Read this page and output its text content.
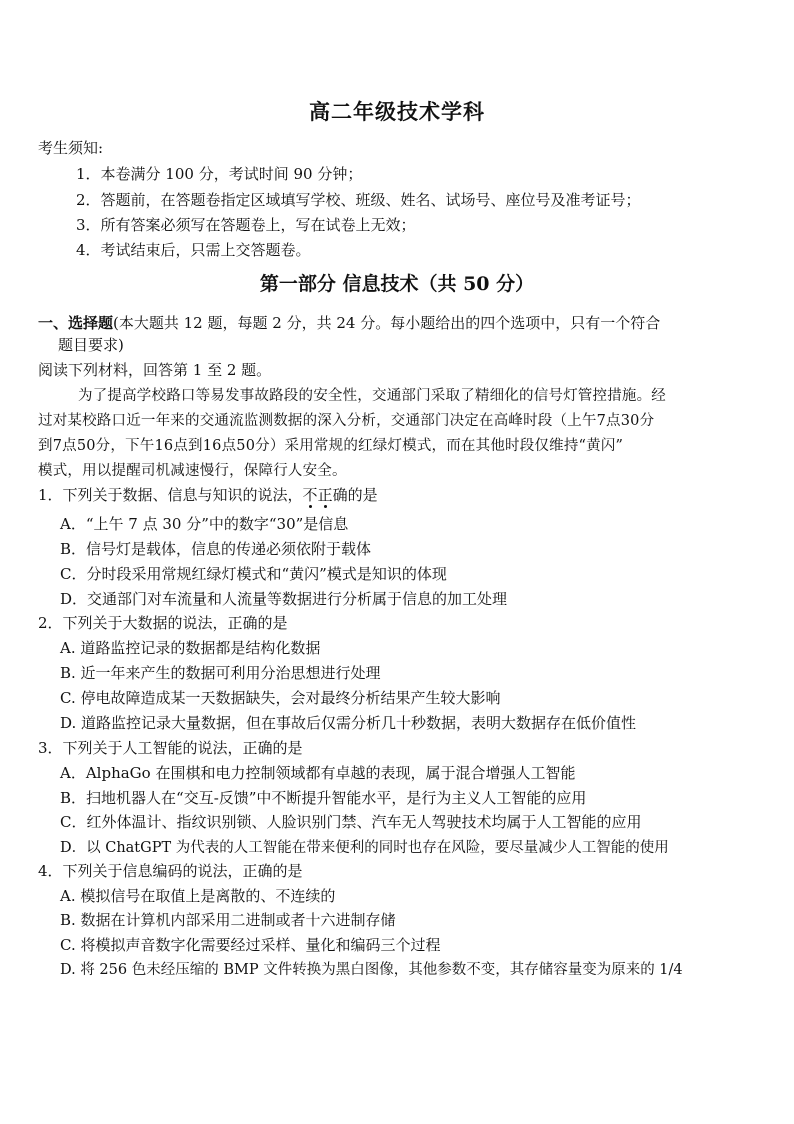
高二年级技术学科
考生须知:
1．本卷满分 100 分，考试时间 90 分钟；
2．答题前，在答题卷指定区域填写学校、班级、姓名、试场号、座位号及准考证号；
3．所有答案必须写在答题卷上，写在试卷上无效；
4．考试结束后，只需上交答题卷。
第一部分 信息技术（共 50 分）
一、选择题(本大题共 12 题，每题 2 分，共 24 分。每小题给出的四个选项中，只有一个符合
题目要求)
阅读下列材料，回答第 1 至 2 题。
为了提高学校路口等易发事故路段的安全性，交通部门采取了精细化的信号灯管控措施。经
过对某校路口近一年来的交通流监测数据的深入分析，交通部门决定在高峰时段（上午7点30分
到7点50分，下午16点到16点50分）采用常规的红绿灯模式，而在其他时段仅维持“黄闪”
模式，用以提醒司机减速慢行，保障行人安全。
1．下列关于数据、信息与知识的说法，不正确的是
A．“上午 7 点 30 分”中的数字“30”是信息
B．信号灯是载体，信息的传递必须依附于载体
C．分时段采用常规红绿灯模式和“黄闪”模式是知识的体现
D．交通部门对车流量和人流量等数据进行分析属于信息的加工处理
2．下列关于大数据的说法，正确的是
A. 道路监控记录的数据都是结构化数据
B. 近一年来产生的数据可利用分治思想进行处理
C. 停电故障造成某一天数据缺失，会对最终分析结果产生较大影响
D. 道路监控记录大量数据，但在事故后仅需分析几十秒数据，表明大数据存在低价值性
3．下列关于人工智能的说法，正确的是
A．AlphaGo 在围棋和电力控制领域都有卓越的表现，属于混合增强人工智能
B．扫地机器人在“交互-反馈”中不断提升智能水平，是行为主义人工智能的应用
C．红外体温计、指纹识别锁、人脸识别门禁、汽车无人驾驶技术均属于人工智能的应用
D．以 ChatGPT 为代表的人工智能在带来便利的同时也存在风险，要尽量减少人工智能的使用
4．下列关于信息编码的说法，正确的是
A. 模拟信号在取值上是离散的、不连续的
B. 数据在计算机内部采用二进制或者十六进制存储
C. 将模拟声音数字化需要经过采样、量化和编码三个过程
D. 将 256 色未经压缩的 BMP 文件转换为黑白图像，其他参数不变，其存储容量变为原来的 1/4
